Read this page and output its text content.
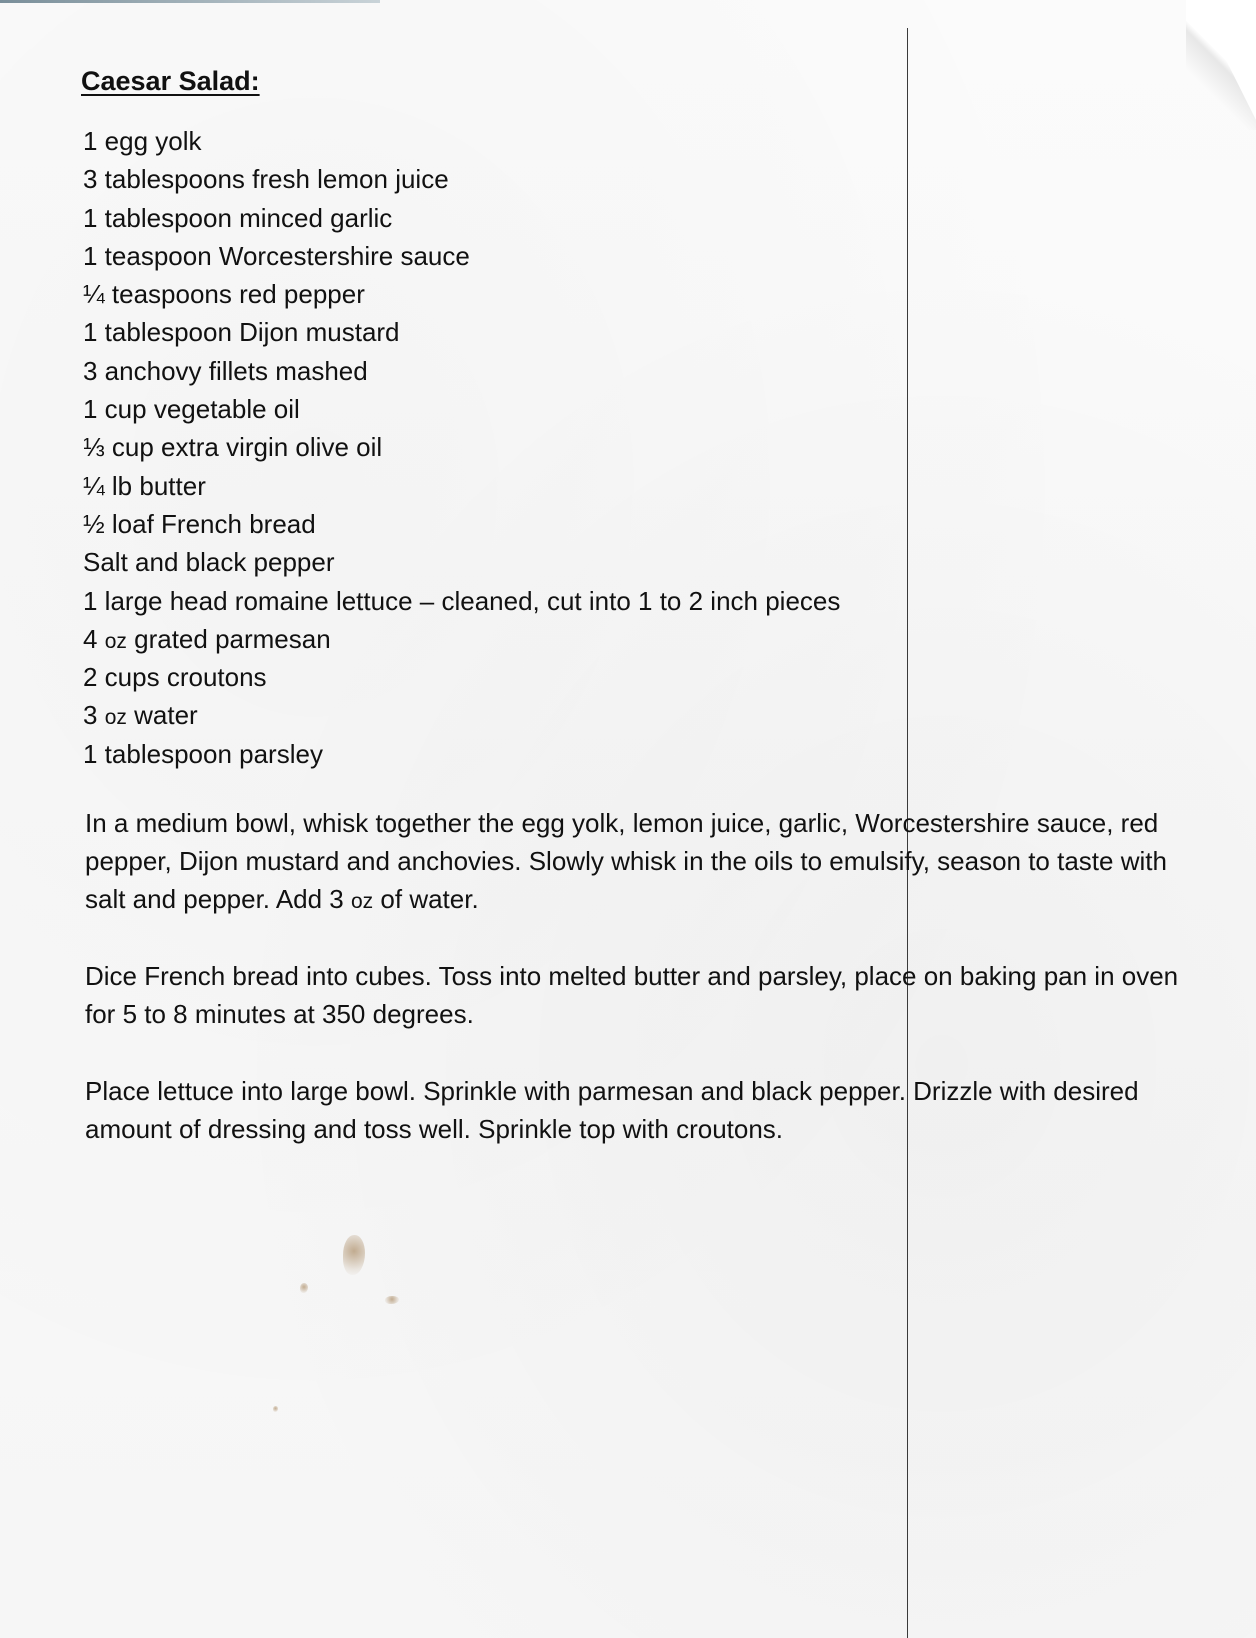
Caesar Salad:
1 egg yolk
3 tablespoons fresh lemon juice
1 tablespoon minced garlic
1 teaspoon Worcestershire sauce
¼ teaspoons red pepper
1 tablespoon Dijon mustard
3 anchovy fillets mashed
1 cup vegetable oil
⅓ cup extra virgin olive oil
¼ lb butter
½ loaf French bread
Salt and black pepper
1 large head romaine lettuce – cleaned, cut into 1 to 2 inch pieces
4 oz grated parmesan
2 cups croutons
3 oz water
1 tablespoon parsley

In a medium bowl, whisk together the egg yolk, lemon juice, garlic, Worcestershire sauce, red pepper, Dijon mustard and anchovies. Slowly whisk in the oils to emulsify, season to taste with salt and pepper. Add 3 oz of water.

Dice French bread into cubes. Toss into melted butter and parsley, place on baking pan in oven for 5 to 8 minutes at 350 degrees.

Place lettuce into large bowl. Sprinkle with parmesan and black pepper. Drizzle with desired amount of dressing and toss well. Sprinkle top with croutons.
